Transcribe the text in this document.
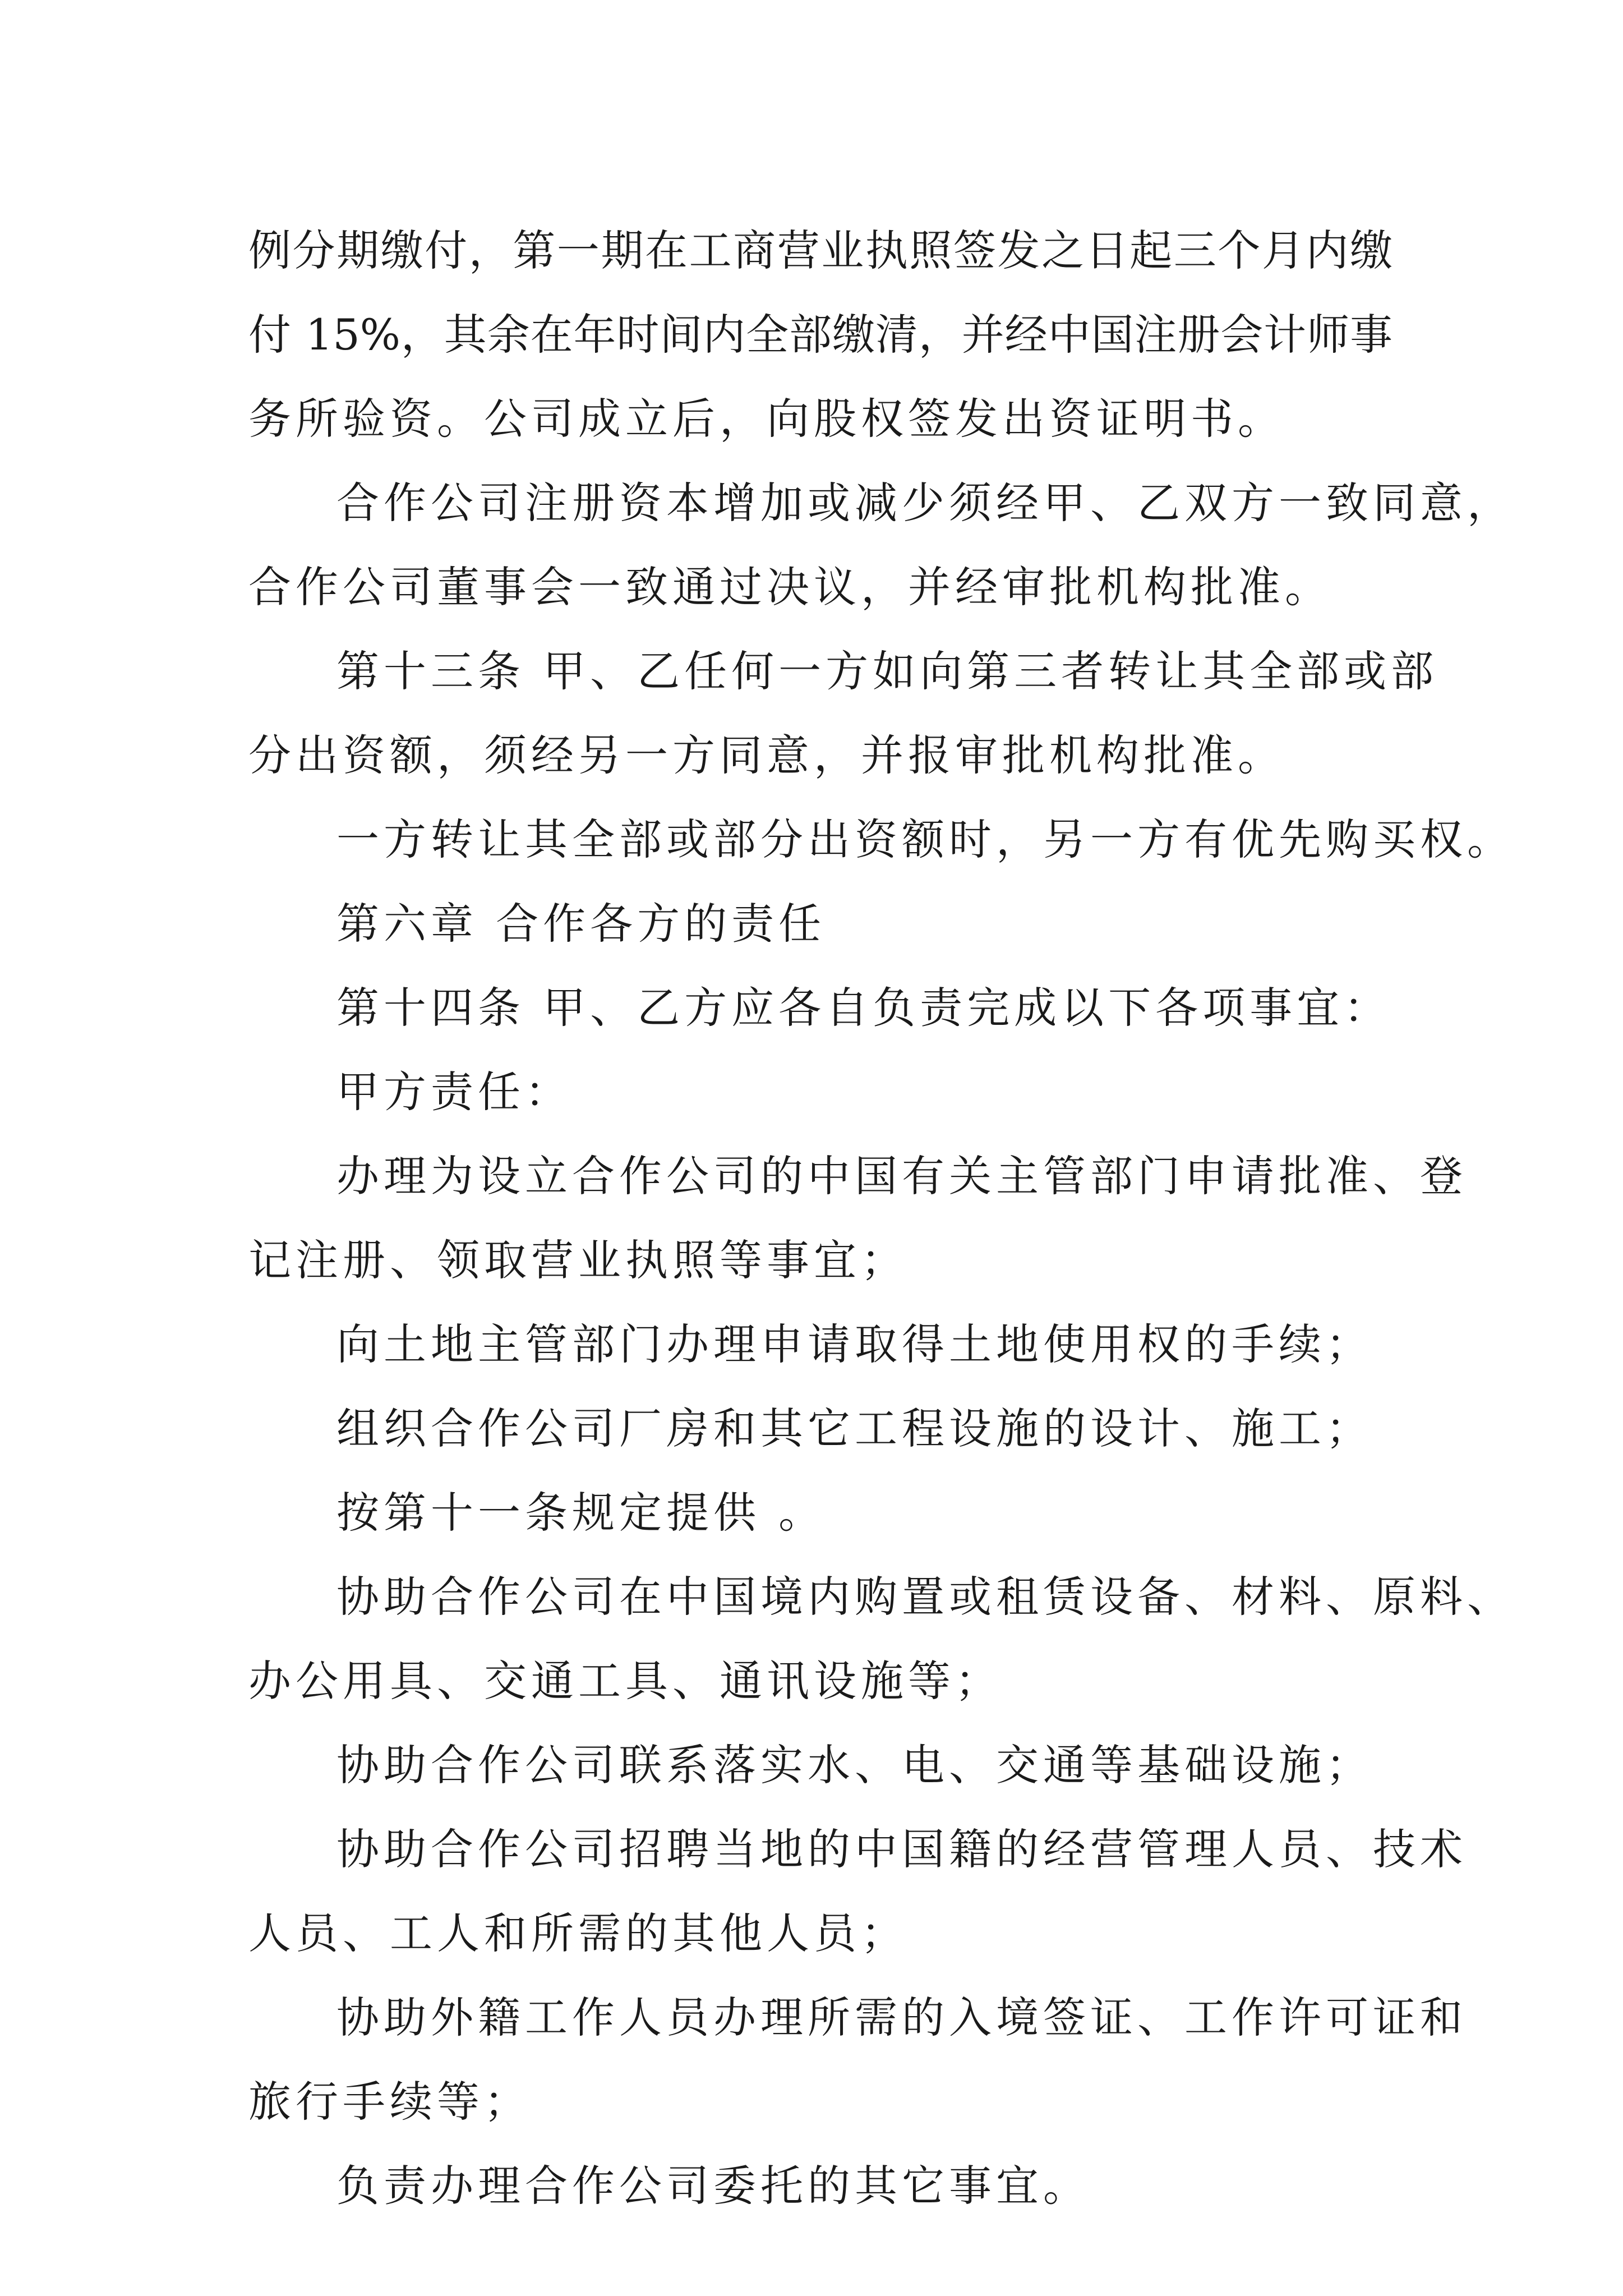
例分期缴付，第一期在工商营业执照签发之日起三个月内缴
付 15%，其余在年时间内全部缴清，并经中国注册会计师事
务所验资。公司成立后，向股权签发出资证明书。
合作公司注册资本增加或减少须经甲、乙双方一致同意，
合作公司董事会一致通过决议，并经审批机构批准。
第十三条 甲、乙任何一方如向第三者转让其全部或部
分出资额，须经另一方同意，并报审批机构批准。
一方转让其全部或部分出资额时，另一方有优先购买权。
第六章 合作各方的责任
第十四条 甲、乙方应各自负责完成以下各项事宜：
甲方责任：
办理为设立合作公司的中国有关主管部门申请批准、登
记注册、领取营业执照等事宜；
向土地主管部门办理申请取得土地使用权的手续；
组织合作公司厂房和其它工程设施的设计、施工；
按第十一条规定提供 。
协助合作公司在中国境内购置或租赁设备、材料、原料、
办公用具、交通工具、通讯设施等；
协助合作公司联系落实水、电、交通等基础设施；
协助合作公司招聘当地的中国籍的经营管理人员、技术
人员、工人和所需的其他人员；
协助外籍工作人员办理所需的入境签证、工作许可证和
旅行手续等；
负责办理合作公司委托的其它事宜。
